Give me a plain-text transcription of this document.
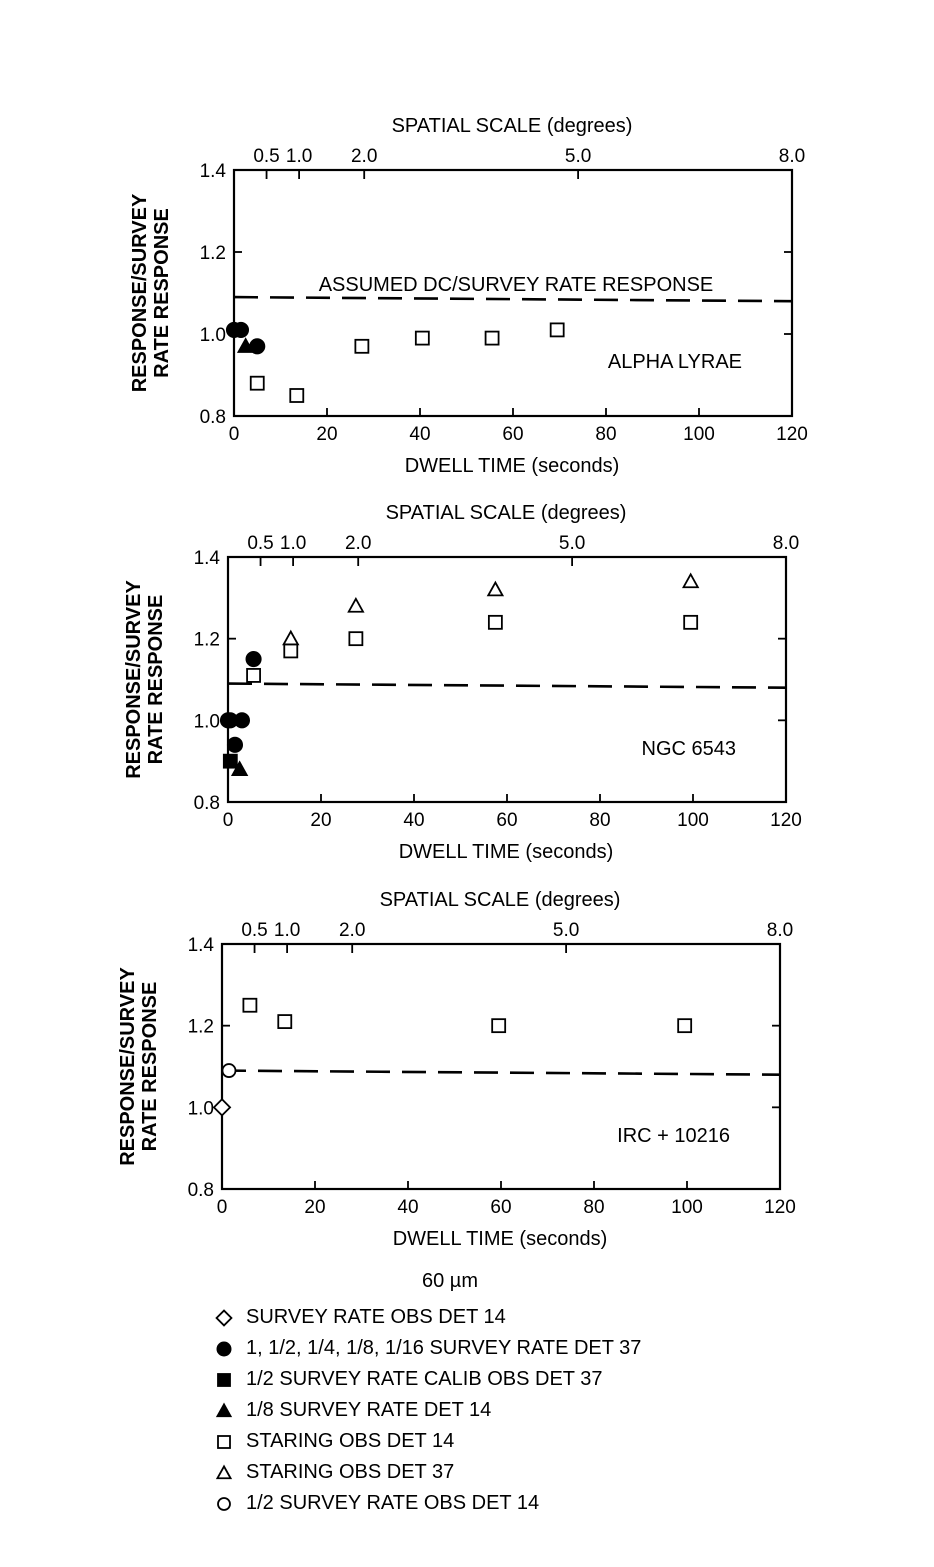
0	20	40	60	80	100	120
0.8
1.0
1.2
1.4
0.5 1.0 2.0	5.0	8.0
SPATIAL SCALE (degrees)
DWELL TIME (seconds)
RESPONSE/SURVEY RATE RESPONSE	ASSUMED DC/SURVEY RATE RESPONSE
ALPHA LYRAE
0	20	40	60	80	100	120
0.8
1.0
1.2
1.4
0.5 1.0 2.0	5.0	8.0
SPATIAL SCALE (degrees)
DWELL TIME (seconds)
RESPONSE/SURVEY RATE RESPONSE	NGC 6543
0	20	40	60	80	100	120
0.8
1.0
1.2
1.4
0.5 1.0 2.0	5.0	8.0
SPATIAL SCALE (degrees)
DWELL TIME (seconds)
RESPONSE/SURVEY RATE RESPONSE	IRC + 10216
60 µm
SURVEY RATE OBS DET 14
1, 1/2, 1/4, 1/8, 1/16 SURVEY RATE DET 37
1/2 SURVEY RATE CALIB OBS DET 37
1/8 SURVEY RATE DET 14
STARING OBS DET 14
STARING OBS DET 37
1/2 SURVEY RATE OBS DET 14
